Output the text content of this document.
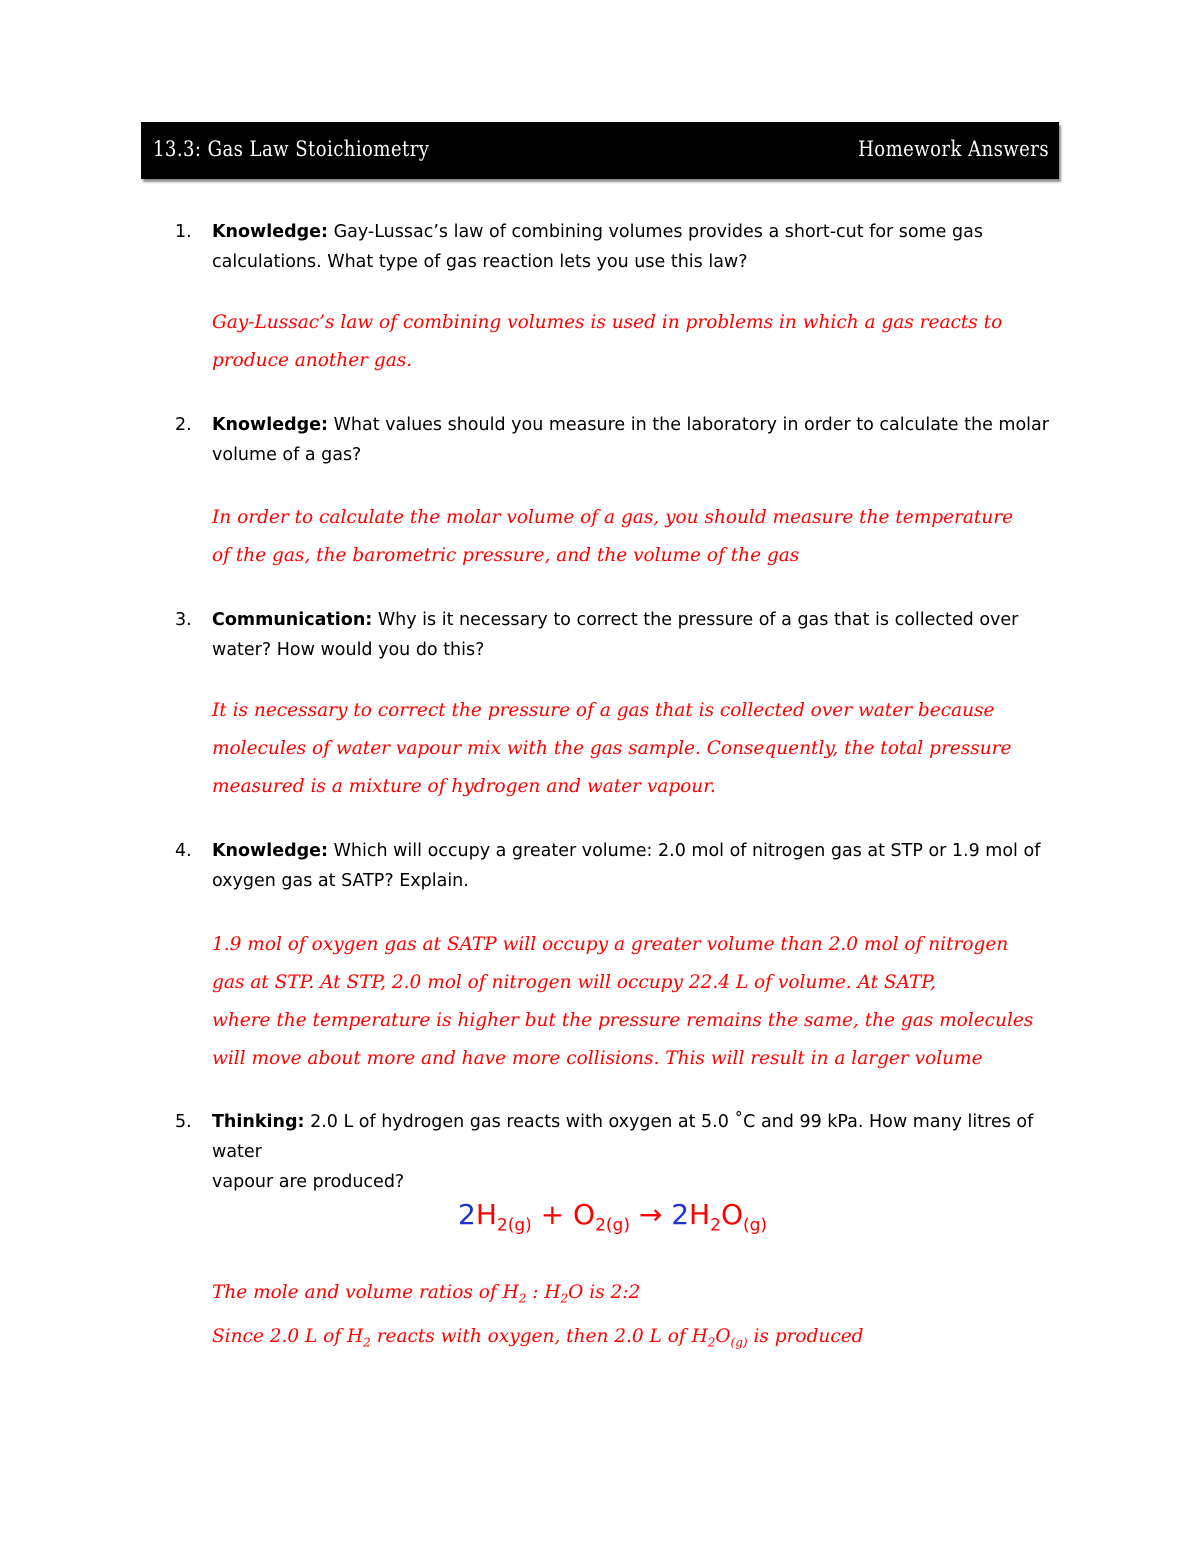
13.3: Gas Law Stoichiometry	Homework Answers
1. Knowledge: Gay-Lussac’s law of combining volumes provides a short-cut for some gas
calculations. What type of gas reaction lets you use this law?

Gay-Lussac’s law of combining volumes is used in problems in which a gas reacts to

produce another gas.

2. Knowledge: What values should you measure in the laboratory in order to calculate the molar
volume of a gas?

In order to calculate the molar volume of a gas, you should measure the temperature

of the gas, the barometric pressure, and the volume of the gas

3. Communication: Why is it necessary to correct the pressure of a gas that is collected over
water? How would you do this?

It is necessary to correct the pressure of a gas that is collected over water because

molecules of water vapour mix with the gas sample. Consequently, the total pressure

measured is a mixture of hydrogen and water vapour.

4. Knowledge: Which will occupy a greater volume: 2.0 mol of nitrogen gas at STP or 1.9 mol of
oxygen gas at SATP? Explain.

1.9 mol of oxygen gas at SATP will occupy a greater volume than 2.0 mol of nitrogen

gas at STP. At STP, 2.0 mol of nitrogen will occupy 22.4 L of volume. At SATP,

where the temperature is higher but the pressure remains the same, the gas molecules

will move about more and have more collisions. This will result in a larger volume

5. Thinking: 2.0 L of hydrogen gas reacts with oxygen at 5.0 ˚C and 99 kPa. How many litres of water
vapour are produced?
$2H_{2(g)} + O_{2(g)} \to 2H_2O_{(g)}$

The mole and volume ratios of $H_2$ : $H_2O$ is 2:2

Since 2.0 L of $H_2$ reacts with oxygen, then 2.0 L of $H_2O_{(g)}$ is produced
